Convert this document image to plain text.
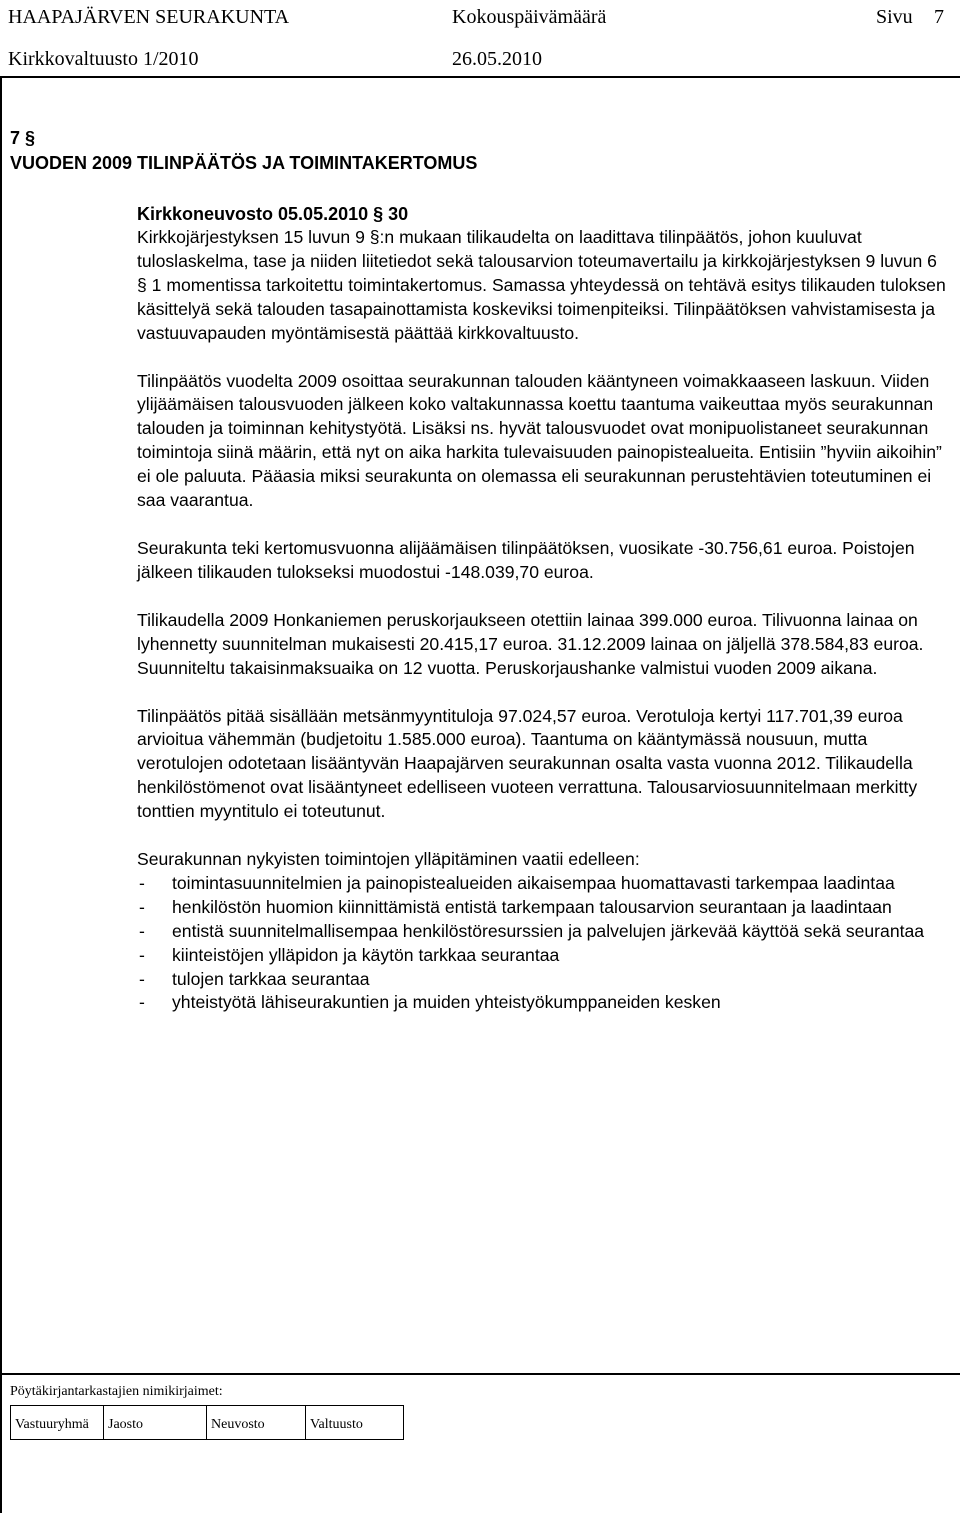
HAAPAJÄRVEN SEURAKUNTA	Kokouspäivämäärä	Sivu 7
Kirkkovaltuusto 1/2010	26.05.2010
7 §
VUODEN 2009 TILINPÄÄTÖS JA TOIMINTAKERTOMUS
Kirkkoneuvosto 05.05.2010 § 30

Kirkkojärjestyksen 15 luvun 9 §:n mukaan tilikaudelta on laadittava tilinpäätös, johon kuuluvat tuloslaskelma, tase ja niiden liitetiedot sekä talousarvion toteumavertailu ja kirkkojärjestyksen 9 luvun 6 § 1 momentissa tarkoitettu toimintakertomus. Samassa yhteydessä on tehtävä esitys tilikauden tuloksen käsittelyä sekä talouden tasapainottamista koskeviksi toimenpiteiksi. Tilinpäätöksen vahvistamisesta ja vastuuvapauden myöntämisestä päättää kirkkovaltuusto.

Tilinpäätös vuodelta 2009 osoittaa seurakunnan talouden kääntyneen voimakkaaseen laskuun. Viiden ylijäämäisen talousvuoden jälkeen koko valtakunnassa koettu taantuma vaikeuttaa myös seurakunnan talouden ja toiminnan kehitystyötä. Lisäksi ns. hyvät talousvuodet ovat monipuolistaneet seurakunnan toimintoja siinä määrin, että nyt on aika harkita tulevaisuuden painopistealueita. Entisiin ”hyviin aikoihin” ei ole paluuta. Pääasia miksi seurakunta on olemassa eli seurakunnan perustehtävien toteutuminen ei saa vaarantua.

Seurakunta teki kertomusvuonna alijäämäisen tilinpäätöksen, vuosikate -30.756,61 euroa. Poistojen jälkeen tilikauden tulokseksi muodostui -148.039,70 euroa.

Tilikaudella 2009 Honkaniemen peruskorjaukseen otettiin lainaa 399.000 euroa. Tilivuonna lainaa on lyhennetty suunnitelman mukaisesti 20.415,17 euroa. 31.12.2009 lainaa on jäljellä 378.584,83 euroa. Suunniteltu takaisinmaksuaika on 12 vuotta. Peruskorjaushanke valmistui vuoden 2009 aikana.

Tilinpäätös pitää sisällään metsänmyyntituloja 97.024,57 euroa. Verotuloja kertyi 117.701,39 euroa arvioitua vähemmän (budjetoitu 1.585.000 euroa). Taantuma on kääntymässä nousuun, mutta verotulojen odotetaan lisääntyvän Haapajärven seurakunnan osalta vasta vuonna 2012. Tilikaudella henkilöstömenot ovat lisääntyneet edelliseen vuoteen verrattuna. Talousarviosuunnitelmaan merkitty tonttien myyntitulo ei toteutunut.

Seurakunnan nykyisten toimintojen ylläpitäminen vaatii edelleen:
- toimintasuunnitelmien ja painopistealueiden aikaisempaa huomattavasti tarkempaa laadintaa
- henkilöstön huomion kiinnittämistä entistä tarkempaan talousarvion seurantaan ja laadintaan
- entistä suunnitelmallisempaa henkilöstöresurssien ja palvelujen järkevää käyttöä sekä seurantaa
- kiinteistöjen ylläpidon ja käytön tarkkaa seurantaa
- tulojen tarkkaa seurantaa
- yhteistyötä lähiseurakuntien ja muiden yhteistyökumppaneiden kesken
Pöytäkirjantarkastajien nimikirjaimet:
Vastuuryhmä	Jaosto	Neuvosto	Valtuusto
